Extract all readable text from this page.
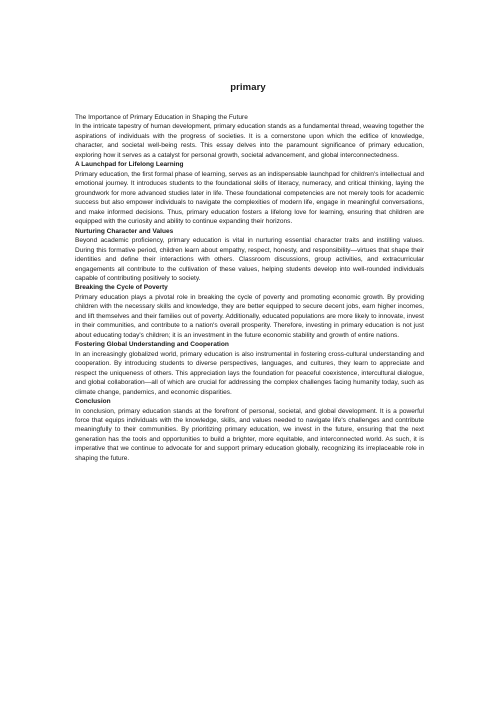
primary

The Importance of Primary Education in Shaping the Future

In the intricate tapestry of human development, primary education stands as a fundamental thread, weaving together the aspirations of individuals with the progress of societies. It is a cornerstone upon which the edifice of knowledge, character, and societal well-being rests. This essay delves into the paramount significance of primary education, exploring how it serves as a catalyst for personal growth, societal advancement, and global interconnectedness.

A Launchpad for Lifelong Learning

Primary education, the first formal phase of learning, serves as an indispensable launchpad for children's intellectual and emotional journey. It introduces students to the foundational skills of literacy, numeracy, and critical thinking, laying the groundwork for more advanced studies later in life. These foundational competencies are not merely tools for academic success but also empower individuals to navigate the complexities of modern life, engage in meaningful conversations, and make informed decisions. Thus, primary education fosters a lifelong love for learning, ensuring that children are equipped with the curiosity and ability to continue expanding their horizons.

Nurturing Character and Values

Beyond academic proficiency, primary education is vital in nurturing essential character traits and instilling values. During this formative period, children learn about empathy, respect, honesty, and responsibility—virtues that shape their identities and define their interactions with others. Classroom discussions, group activities, and extracurricular engagements all contribute to the cultivation of these values, helping students develop into well-rounded individuals capable of contributing positively to society.

Breaking the Cycle of Poverty

Primary education plays a pivotal role in breaking the cycle of poverty and promoting economic growth. By providing children with the necessary skills and knowledge, they are better equipped to secure decent jobs, earn higher incomes, and lift themselves and their families out of poverty. Additionally, educated populations are more likely to innovate, invest in their communities, and contribute to a nation's overall prosperity. Therefore, investing in primary education is not just about educating today's children; it is an investment in the future economic stability and growth of entire nations.

Fostering Global Understanding and Cooperation

In an increasingly globalized world, primary education is also instrumental in fostering cross-cultural understanding and cooperation. By introducing students to diverse perspectives, languages, and cultures, they learn to appreciate and respect the uniqueness of others. This appreciation lays the foundation for peaceful coexistence, intercultural dialogue, and global collaboration—all of which are crucial for addressing the complex challenges facing humanity today, such as climate change, pandemics, and economic disparities.

Conclusion

In conclusion, primary education stands at the forefront of personal, societal, and global development. It is a powerful force that equips individuals with the knowledge, skills, and values needed to navigate life's challenges and contribute meaningfully to their communities. By prioritizing primary education, we invest in the future, ensuring that the next generation has the tools and opportunities to build a brighter, more equitable, and interconnected world. As such, it is imperative that we continue to advocate for and support primary education globally, recognizing its irreplaceable role in shaping the future.
